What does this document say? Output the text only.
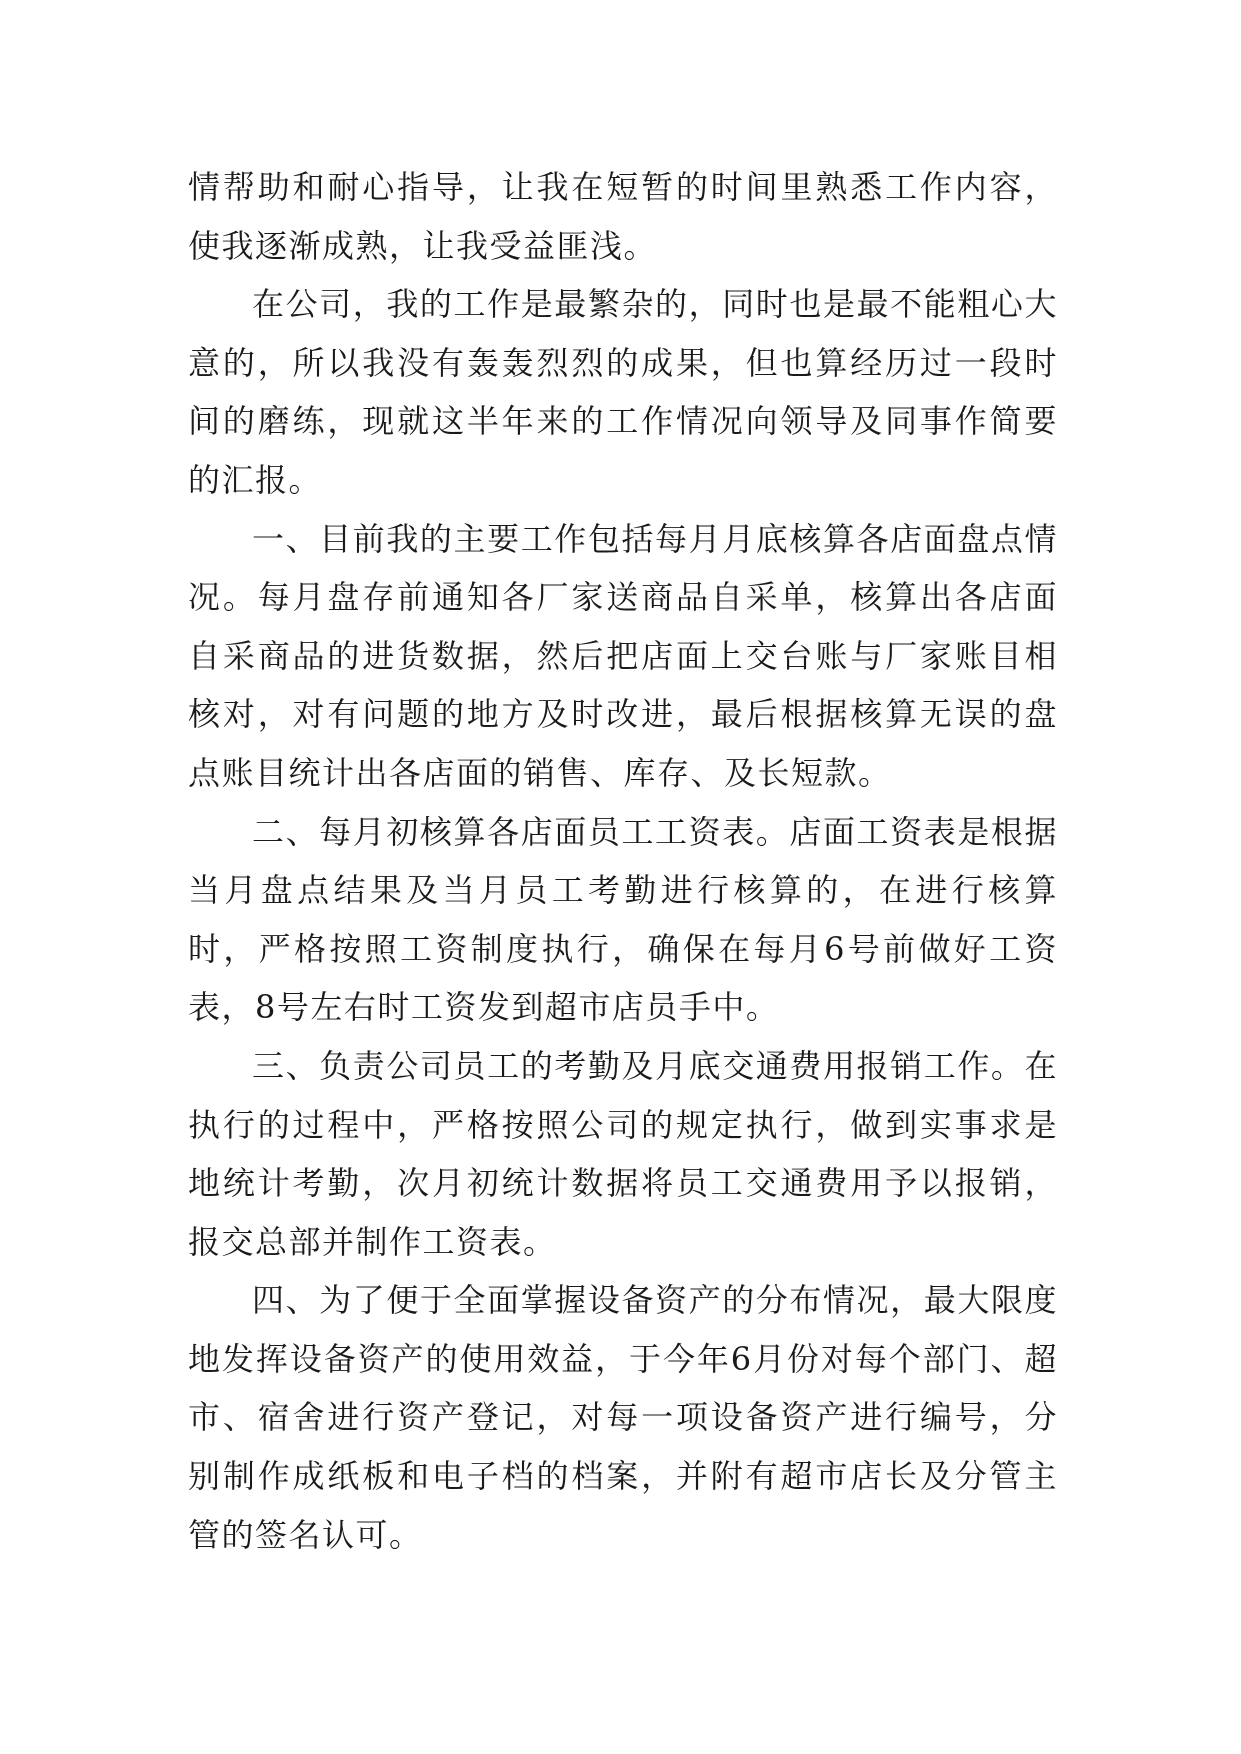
情帮助和耐心指导，让我在短暂的时间里熟悉工作内容，使我逐渐成熟，让我受益匪浅。

在公司，我的工作是最繁杂的，同时也是最不能粗心大意的，所以我没有轰轰烈烈的成果，但也算经历过一段时间的磨练，现就这半年来的工作情况向领导及同事作简要的汇报。

一、目前我的主要工作包括每月月底核算各店面盘点情况。每月盘存前通知各厂家送商品自采单，核算出各店面自采商品的进货数据，然后把店面上交台账与厂家账目相核对，对有问题的地方及时改进，最后根据核算无误的盘点账目统计出各店面的销售、库存、及长短款。

二、每月初核算各店面员工工资表。店面工资表是根据当月盘点结果及当月员工考勤进行核算的，在进行核算时，严格按照工资制度执行，确保在每月6号前做好工资表，8号左右时工资发到超市店员手中。

三、负责公司员工的考勤及月底交通费用报销工作。在执行的过程中，严格按照公司的规定执行，做到实事求是地统计考勤，次月初统计数据将员工交通费用予以报销，报交总部并制作工资表。

四、为了便于全面掌握设备资产的分布情况，最大限度地发挥设备资产的使用效益，于今年6月份对每个部门、超市、宿舍进行资产登记，对每一项设备资产进行编号，分别制作成纸板和电子档的档案，并附有超市店长及分管主管的签名认可。
